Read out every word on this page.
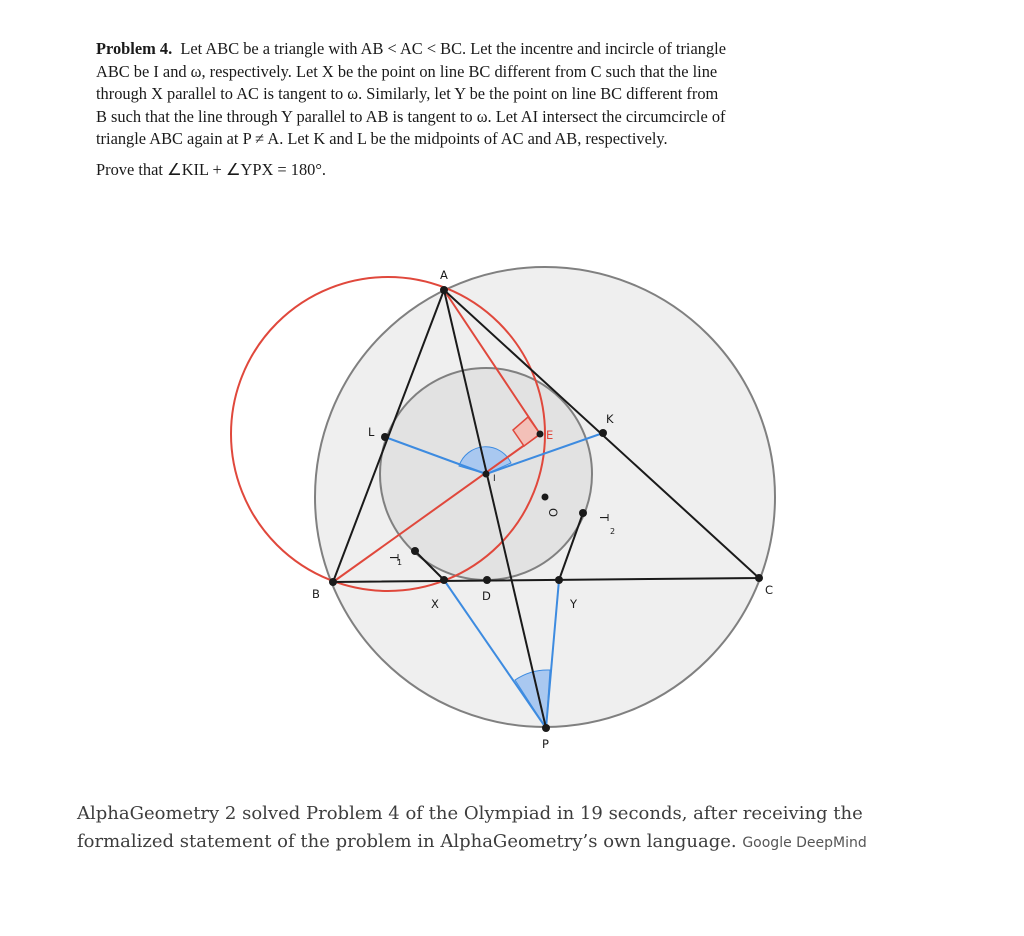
Problem 4. Let ABC be a triangle with AB < AC < BC. Let the incentre and incircle of triangle
ABC be I and ω, respectively. Let X be the point on line BC different from C such that the line
through X parallel to AC is tangent to ω. Similarly, let Y be the point on line BC different from
B such that the line through Y parallel to AB is tangent to ω. Let AI intersect the circumcircle of
triangle ABC again at P ≠ A. Let K and L be the midpoints of AC and AB, respectively.
Prove that ∠KIL + ∠YPX = 180°.
A
B	C
D
E
I
K
L
P
X	Y
O
T
1
T
2
AlphaGeometry 2 solved Problem 4 of the Olympiad in 19 seconds, after receiving the formalized statement of the problem in AlphaGeometry’s own language. Google DeepMind
